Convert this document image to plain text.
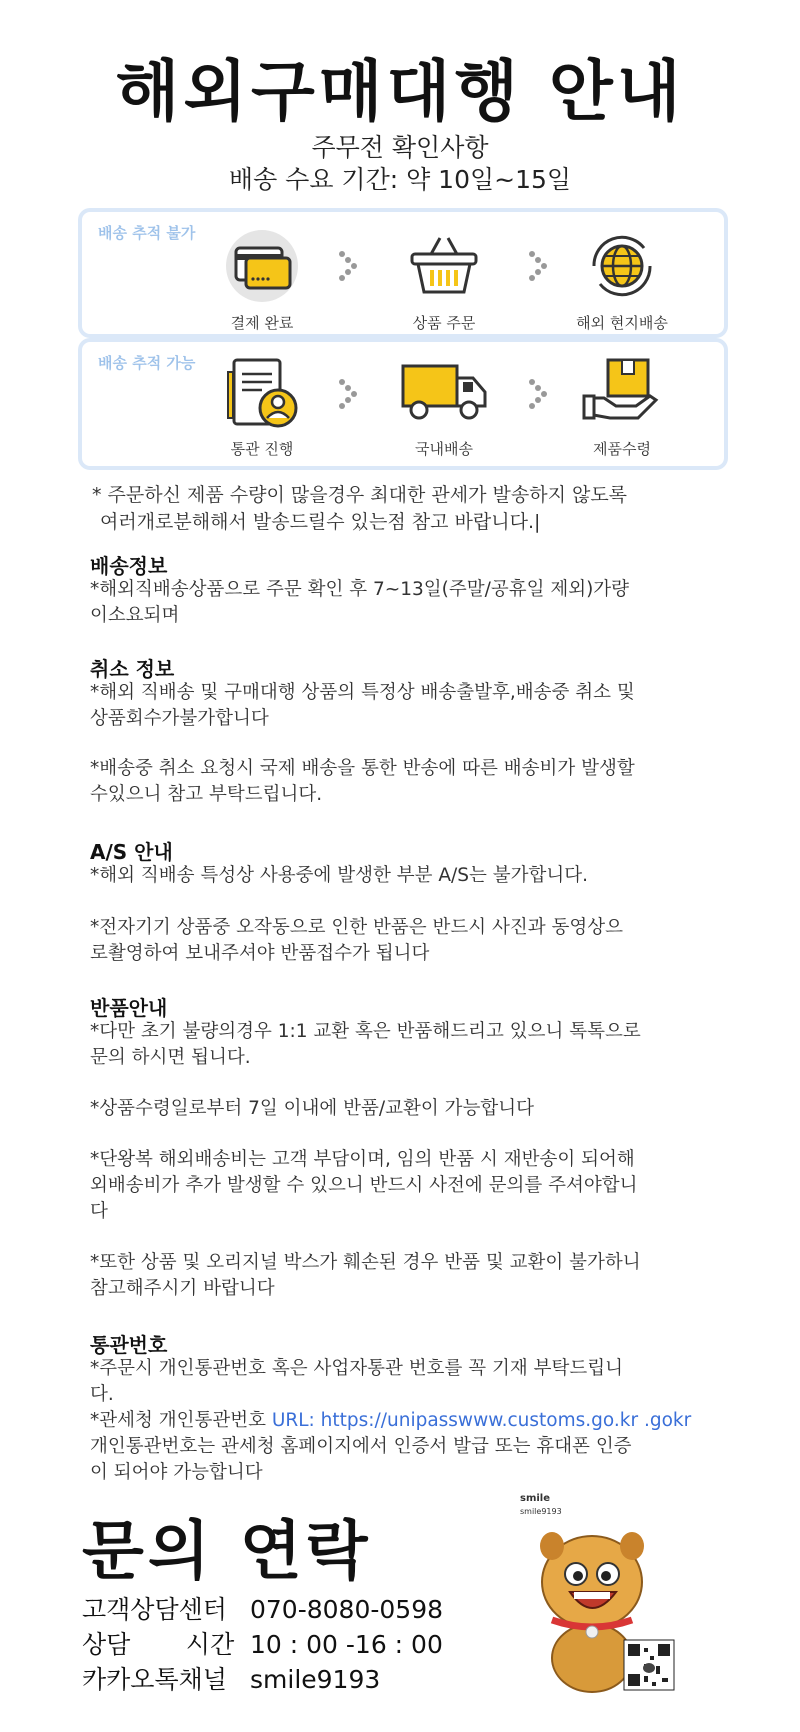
해외구매대행 안내
주무전 확인사항
배송 수요 기간: 약 10일~15일
배송 추적 불가
결제 완료	상품 주문	해외 현지배송
배송 추적 가능
통관 진행	국내배송	제품수령
* 주문하신 제품 수량이 많을경우 최대한 관세가 발송하지 않도록
여러개로분해해서 발송드릴수 있는점 참고 바랍니다.|
배송정보
*해외직배송상품으로 주문 확인 후 7~13일(주말/공휴일 제외)가량
이소요되며
취소 정보
*해외 직배송 및 구매대행 상품의 특정상 배송출발후,배송중 취소 및
상품회수가불가합니다
*배송중 취소 요청시 국제 배송을 통한 반송에 따른 배송비가 발생할
수있으니 참고 부탁드립니다.
A/S 안내
*해외 직배송 특성상 사용중에 발생한 부분 A/S는 불가합니다.
*전자기기 상품중 오작동으로 인한 반품은 반드시 사진과 동영상으
로촬영하여 보내주셔야 반품접수가 됩니다
반품안내
*다만 초기 불량의경우 1:1 교환 혹은 반품해드리고 있으니 톡톡으로
문의 하시면 됩니다.
*상품수령일로부터 7일 이내에 반품/교환이 가능합니다
*단왕복 해외배송비는 고객 부담이며, 임의 반품 시 재반송이 되어해
외배송비가 추가 발생할 수 있으니 반드시 사전에 문의를 주셔야합니
다
*또한 상품 및 오리지널 박스가 훼손된 경우 반품 및 교환이 불가하니
참고해주시기 바랍니다
통관번호
*주문시 개인통관번호 혹은 사업자통관 번호를 꼭 기재 부탁드립니
다.
*관세청 개인통관번호 URL: https://unipasswww.customs.go.kr .gokr
개인통관번호는 관세청 홈페이지에서 인증서 발급 또는 휴대폰 인증
이 되어야 가능합니다
문의 연락
고객상담센터 070-8080-0598
상담       시간 10 : 00 -16 : 00
카카오톡채널 smile9193
smile
smile9193
